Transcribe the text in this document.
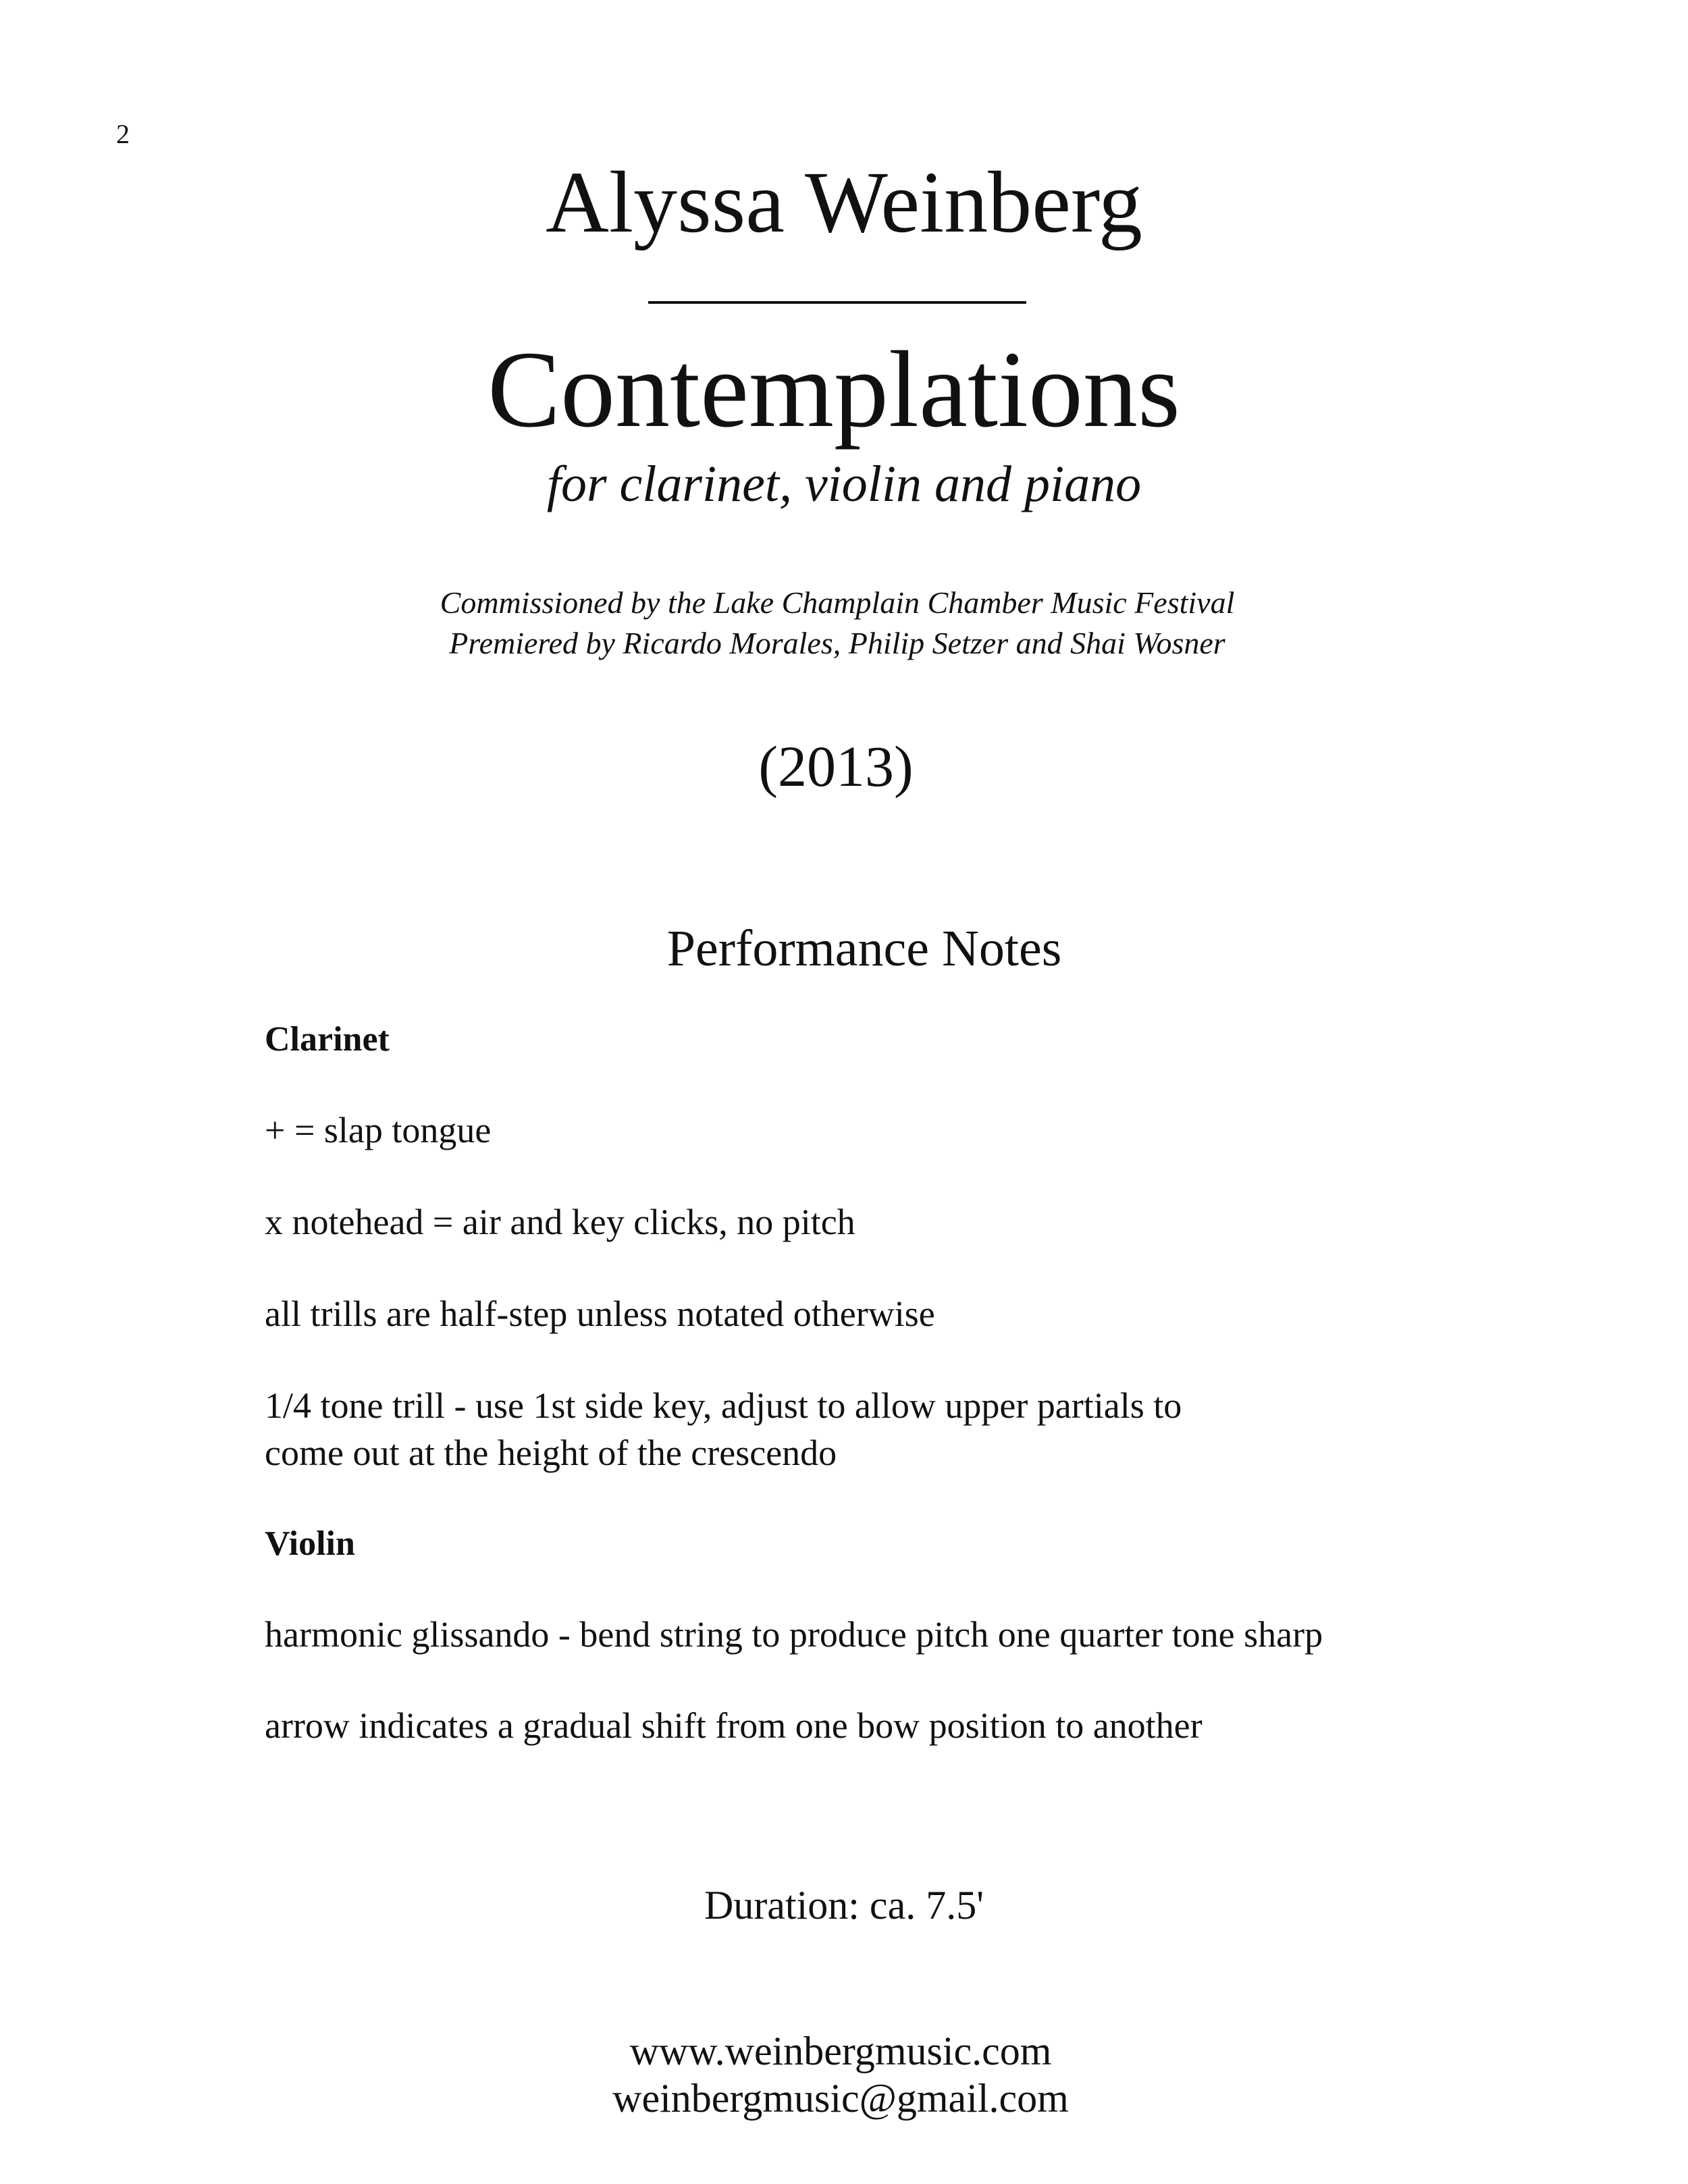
2
Alyssa Weinberg
Contemplations
for clarinet, violin and piano
Commissioned by the Lake Champlain Chamber Music Festival
Premiered by Ricardo Morales, Philip Setzer and Shai Wosner
(2013)
Performance Notes
Clarinet
+ = slap tongue
x notehead = air and key clicks, no pitch
all trills are half-step unless notated otherwise
1/4 tone trill - use 1st side key, adjust to allow upper partials to
come out at the height of the crescendo
Violin
harmonic glissando - bend string to produce pitch one quarter tone sharp
arrow indicates a gradual shift from one bow position to another
Duration: ca. 7.5'
www.weinbergmusic.com
weinbergmusic@gmail.com
